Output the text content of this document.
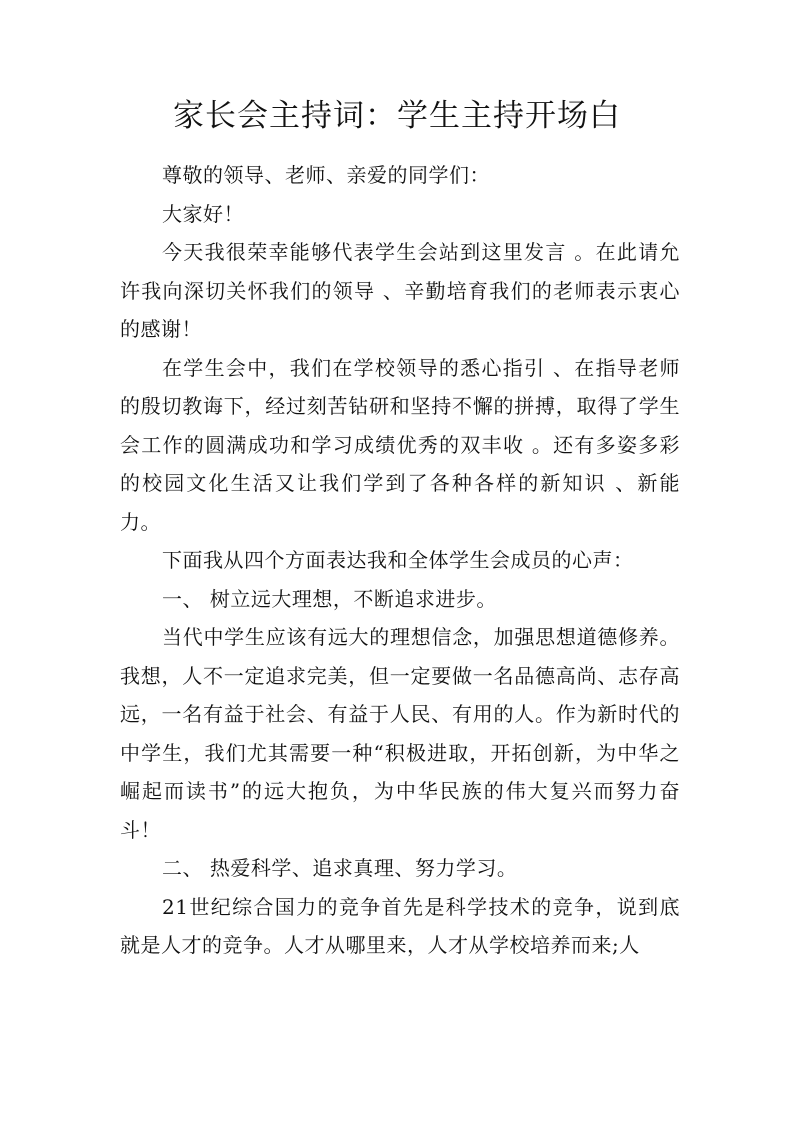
家长会主持词：学生主持开场白

尊敬的领导、老师、亲爱的同学们：

大家好！

今天我很荣幸能够代表学生会站到这里发言 。在此请允许我向深切关怀我们的领导 、辛勤培育我们的老师表示衷心的感谢！

在学生会中，我们在学校领导的悉心指引 、在指导老师的殷切教诲下，经过刻苦钻研和坚持不懈的拼搏，取得了学生会工作的圆满成功和学习成绩优秀的双丰收 。还有多姿多彩的校园文化生活又让我们学到了各种各样的新知识 、新能力。

下面我从四个方面表达我和全体学生会成员的心声：

一、 树立远大理想，不断追求进步。

当代中学生应该有远大的理想信念，加强思想道德修养。我想，人不一定追求完美，但一定要做一名品德高尚、志存高远，一名有益于社会、有益于人民、有用的人。作为新时代的中学生，我们尤其需要一种“积极进取，开拓创新，为中华之崛起而读书”的远大抱负，为中华民族的伟大复兴而努力奋斗！

二、 热爱科学、追求真理、努力学习。

21世纪综合国力的竞争首先是科学技术的竞争，说到底就是人才的竞争。人才从哪里来，人才从学校培养而来;人
